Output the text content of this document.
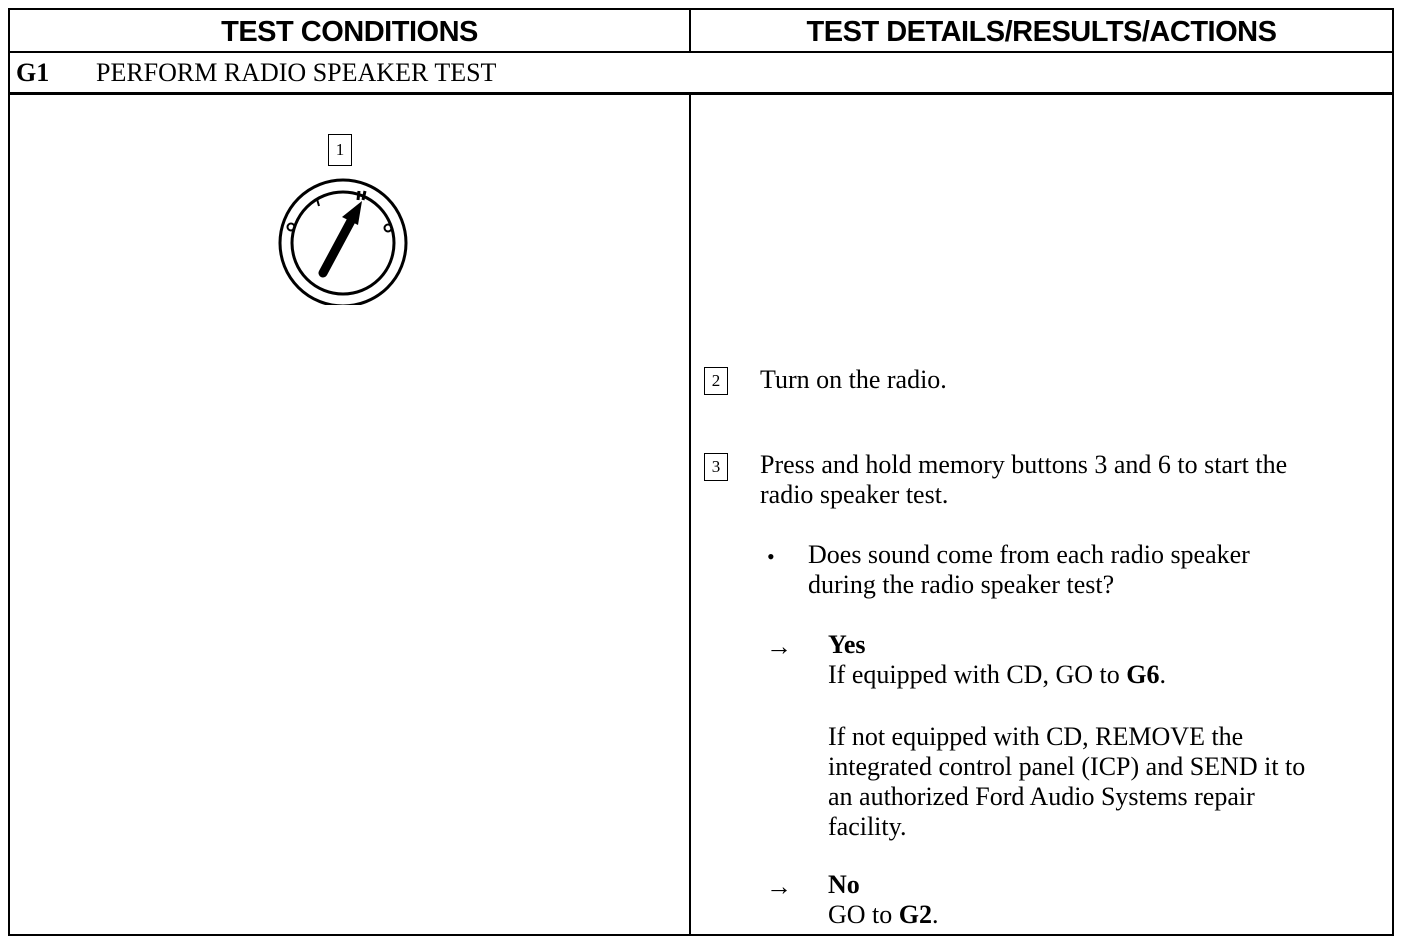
TEST CONDITIONS	TEST DETAILS/RESULTS/ACTIONS
G1 PERFORM RADIO SPEAKER TEST
1
2 Turn on the radio.
3 Press and hold memory buttons 3 and 6 to start the
radio speaker test.
• Does sound come from each radio speaker
during the radio speaker test?
→ Yes
If equipped with CD, GO to G6.
If not equipped with CD, REMOVE the
integrated control panel (ICP) and SEND it to
an authorized Ford Audio Systems repair
facility.
→ No
GO to G2.
